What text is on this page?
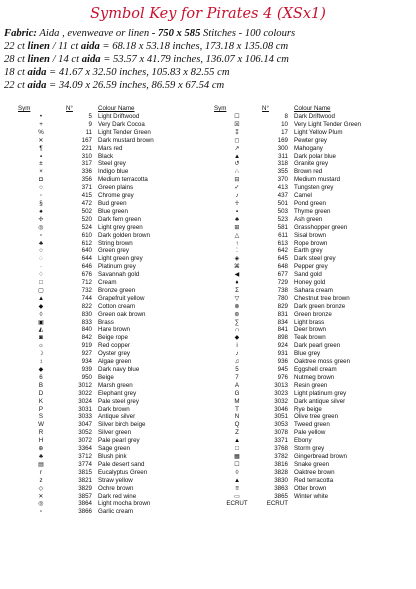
Symbol Key for Pirates 4 (XSx1)
Fabric: Aida , evenweave or linen - 750 x 585 Stitches - 100 colours
22 ct linen / 11 ct aida = 68.18 x 53.18 inches, 173.18 x 135.08 cm
28 ct linen / 14 ct aida = 53.57 x 41.79 inches, 136.07 x 106.14 cm
18 ct aida = 41.67 x 32.50 inches, 105.83 x 82.55 cm
22 ct aida = 34.09 x 26.59 inches, 86.59 x 67.54 cm
Sym	N°	Colour Name
•	5	Light Driftwood
+	9	Very Dark Cocoa
%	11	Light Tender Green
✕	167	Dark mustard brown
¶	221	Mars red
▪	310	Black
±	317	Steel grey
×	336	Indigo blue
◘	356	Medium terracotta
○	371	Green plains
◦	415	Chrome grey
§	472	Bud green
♠	502	Blue green
✢	520	Dark fern green
◎	524	Light grey green
▫	610	Dark golden brown
♣	612	String brown
○	640	Green grey
◌	644	Light green grey
·	646	Platinum grey
♢	676	Savannah gold
□	712	Cream
▢	732	Bronze green
▲	744	Grapefruit yellow
◆	822	Cotton cream
◊	830	Green oak brown
▣	833	Brass
◭	840	Hare brown
◙	842	Beige rope
☼	919	Red copper
☽	927	Oyster grey
↕	934	Algae green
◆	939	Dark navy blue
6	950	Beige
B	3012	Marsh green
D	3022	Elephant grey
K	3024	Pale steel grey
P	3031	Dark brown
S	3033	Antique silver
W	3047	Silver birch beige
R	3052	Silver green
H	3072	Pale pearl grey
⊕	3364	Sage green
♣	3712	Blush pink
▤	3774	Pale desert sand
r	3815	Eucalyptus Green
z	3821	Straw yellow
◇	3829	Ochre brown
✕	3857	Dark red wine
◎	3864	Light mocha brown
▫	3866	Garlic cream
Sym	N°	Colour Name
☐	8	Dark Driftwood
☒	10	Very Light Tender Green
⁑	17	Light Yellow Plum
◻	169	Pewter grey
↗	300	Mahogany
▲	311	Dark polar blue
↺	318	Granite grey
∴	355	Brown red
⊟	370	Medium mustard
✓	413	Tungsten grey
♪	437	Camel
☥	501	Pond green
▪	503	Thyme green
♣	523	Ash green
⊞	581	Grasshopper green
△	611	Sisal brown
↑	613	Rope brown
⁚	642	Earth grey
◈	645	Dark steel grey
⌘	648	Pepper grey
◀	677	Sand gold
♦	729	Honey gold
Σ	738	Sahara cream
▽	780	Chestnut tree brown
⊗	829	Dark green bronze
⊛	831	Green bronze
∑	834	Light brass
∩	841	Deer brown
◆	898	Teak brown
i	924	Dark pearl green
♪	931	Blue grey
♫	936	Oaktree moss green
5	945	Eggshell cream
7	976	Nutmeg brown
A	3013	Resin green
G	3023	Light platinum grey
M	3032	Dark antique silver
T	3046	Rye beige
N	3051	Olive tree green
Q	3053	Tweed green
Z	3078	Pale yellow
▲	3371	Ebony
□	3768	Storm grey
▦	3782	Gingerbread brown
☐	3816	Snake green
◊	3828	Oaktree brown
▲	3830	Red terracotta
≡	3863	Otter brown
▭	3865	Winter white
ECRUT	ECRUT	
